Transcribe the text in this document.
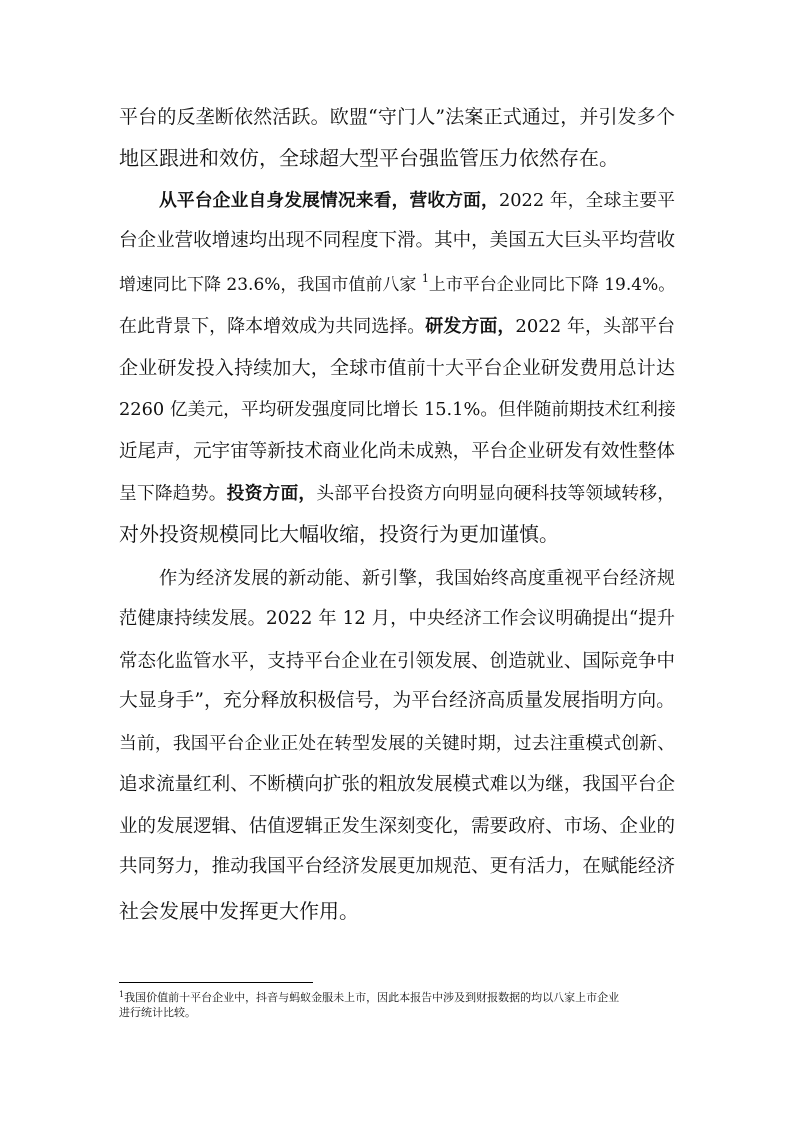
平台的反垄断依然活跃。欧盟“守门人”法案正式通过，并引发多个
地区跟进和效仿，全球超大型平台强监管压力依然存在。
从平台企业自身发展情况来看，营收方面，2022 年，全球主要平
台企业营收增速均出现不同程度下滑。其中，美国五大巨头平均营收
增速同比下降 23.6%，我国市值前八家 $^1$上市平台企业同比下降 19.4%。
在此背景下，降本增效成为共同选择。研发方面，2022 年，头部平台
企业研发投入持续加大，全球市值前十大平台企业研发费用总计达
2260 亿美元，平均研发强度同比增长 15.1%。但伴随前期技术红利接
近尾声，元宇宙等新技术商业化尚未成熟，平台企业研发有效性整体
呈下降趋势。投资方面，头部平台投资方向明显向硬科技等领域转移，
对外投资规模同比大幅收缩，投资行为更加谨慎。
作为经济发展的新动能、新引擎，我国始终高度重视平台经济规
范健康持续发展。2022 年 12 月，中央经济工作会议明确提出“提升
常态化监管水平，支持平台企业在引领发展、创造就业、国际竞争中
大显身手”，充分释放积极信号，为平台经济高质量发展指明方向。
当前，我国平台企业正处在转型发展的关键时期，过去注重模式创新、
追求流量红利、不断横向扩张的粗放发展模式难以为继，我国平台企
业的发展逻辑、估值逻辑正发生深刻变化，需要政府、市场、企业的
共同努力，推动我国平台经济发展更加规范、更有活力，在赋能经济
社会发展中发挥更大作用。
$^1$我国价值前十平台企业中，抖音与蚂蚁金服未上市，因此本报告中涉及到财报数据的均以八家上市企业
进行统计比较。
